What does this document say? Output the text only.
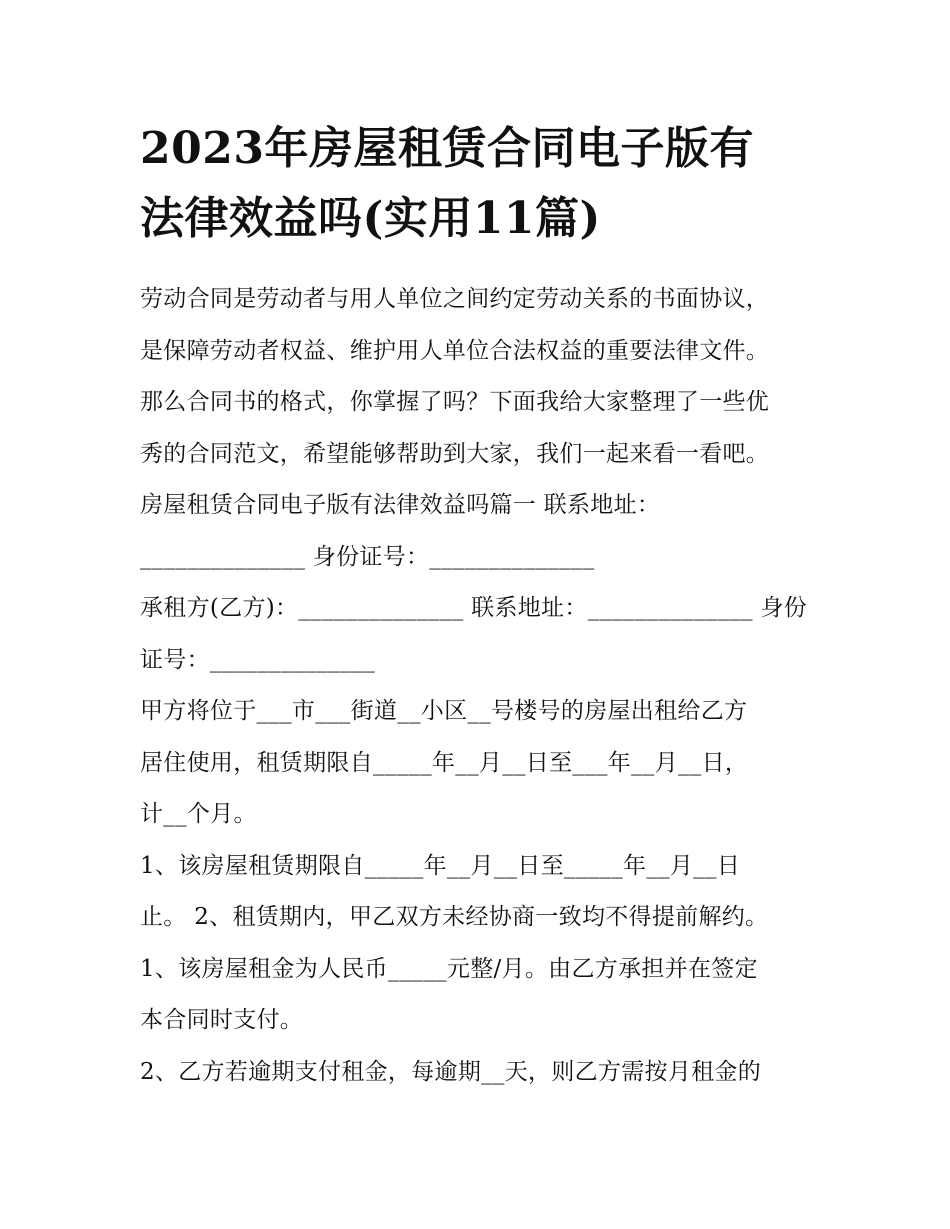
2023年房屋租赁合同电子版有
法律效益吗(实用11篇)
劳动合同是劳动者与用人单位之间约定劳动关系的书面协议，
是保障劳动者权益、维护用人单位合法权益的重要法律文件。
那么合同书的格式，你掌握了吗？下面我给大家整理了一些优
秀的合同范文，希望能够帮助到大家，我们一起来看一看吧。
房屋租赁合同电子版有法律效益吗篇一 联系地址：
______________ 身份证号：______________
承租方(乙方)：______________ 联系地址：______________ 身份
证号：______________
甲方将位于___市___街道__小区__号楼号的房屋出租给乙方
居住使用，租赁期限自_____年__月__日至___年__月__日，
计__个月。
1、该房屋租赁期限自_____年__月__日至_____年__月__日
止。 2、租赁期内，甲乙双方未经协商一致均不得提前解约。
1、该房屋租金为人民币_____元整/月。由乙方承担并在签定
本合同时支付。
2、乙方若逾期支付租金，每逾期__天，则乙方需按月租金的
